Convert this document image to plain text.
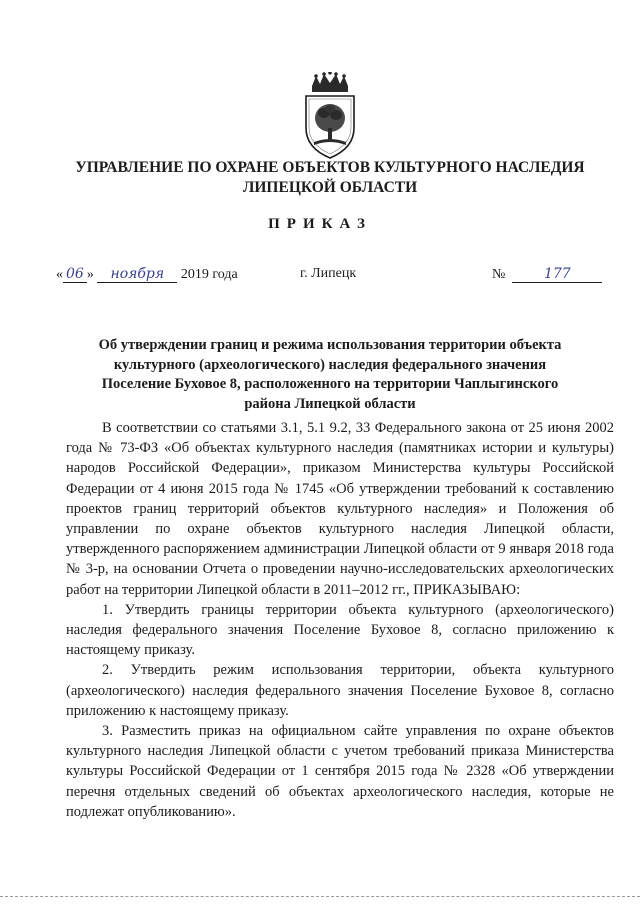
УПРАВЛЕНИЕ ПО ОХРАНЕ ОБЪЕКТОВ КУЛЬТУРНОГО НАСЛЕДИЯ
ЛИПЕЦКОЙ ОБЛАСТИ
ПРИКАЗ
« 06 » ноября 2019 года	г. Липецк	№	177
Об утверждении границ и режима использования территории объекта культурного (археологического) наследия федерального значения Поселение Буховое 8, расположенного на территории Чаплыгинского района Липецкой области

В соответствии со статьями 3.1, 5.1 9.2, 33 Федерального закона от 25 июня 2002 года № 73-ФЗ «Об объектах культурного наследия (памятниках истории и культуры) народов Российской Федерации», приказом Министерства культуры Российской Федерации от 4 июня 2015 года № 1745 «Об утверждении требований к составлению проектов границ территорий объектов культурного наследия» и Положения об управлении по охране объектов культурного наследия Липецкой области, утвержденного распоряжением администрации Липецкой области от 9 января 2018 года № 3-р, на основании Отчета о проведении научно-исследовательских археологических работ на территории Липецкой области в 2011–2012 гг., ПРИКАЗЫВАЮ:

1. Утвердить границы территории объекта культурного (археологического) наследия федерального значения Поселение Буховое 8, согласно приложению к настоящему приказу.

2. Утвердить режим использования территории, объекта культурного (археологического) наследия федерального значения Поселение Буховое 8, согласно приложению к настоящему приказу.

3. Разместить приказ на официальном сайте управления по охране объектов культурного наследия Липецкой области с учетом требований приказа Министерства культуры Российской Федерации от 1 сентября 2015 года № 2328 «Об утверждении перечня отдельных сведений об объектах археологического наследия, которые не подлежат опубликованию».
